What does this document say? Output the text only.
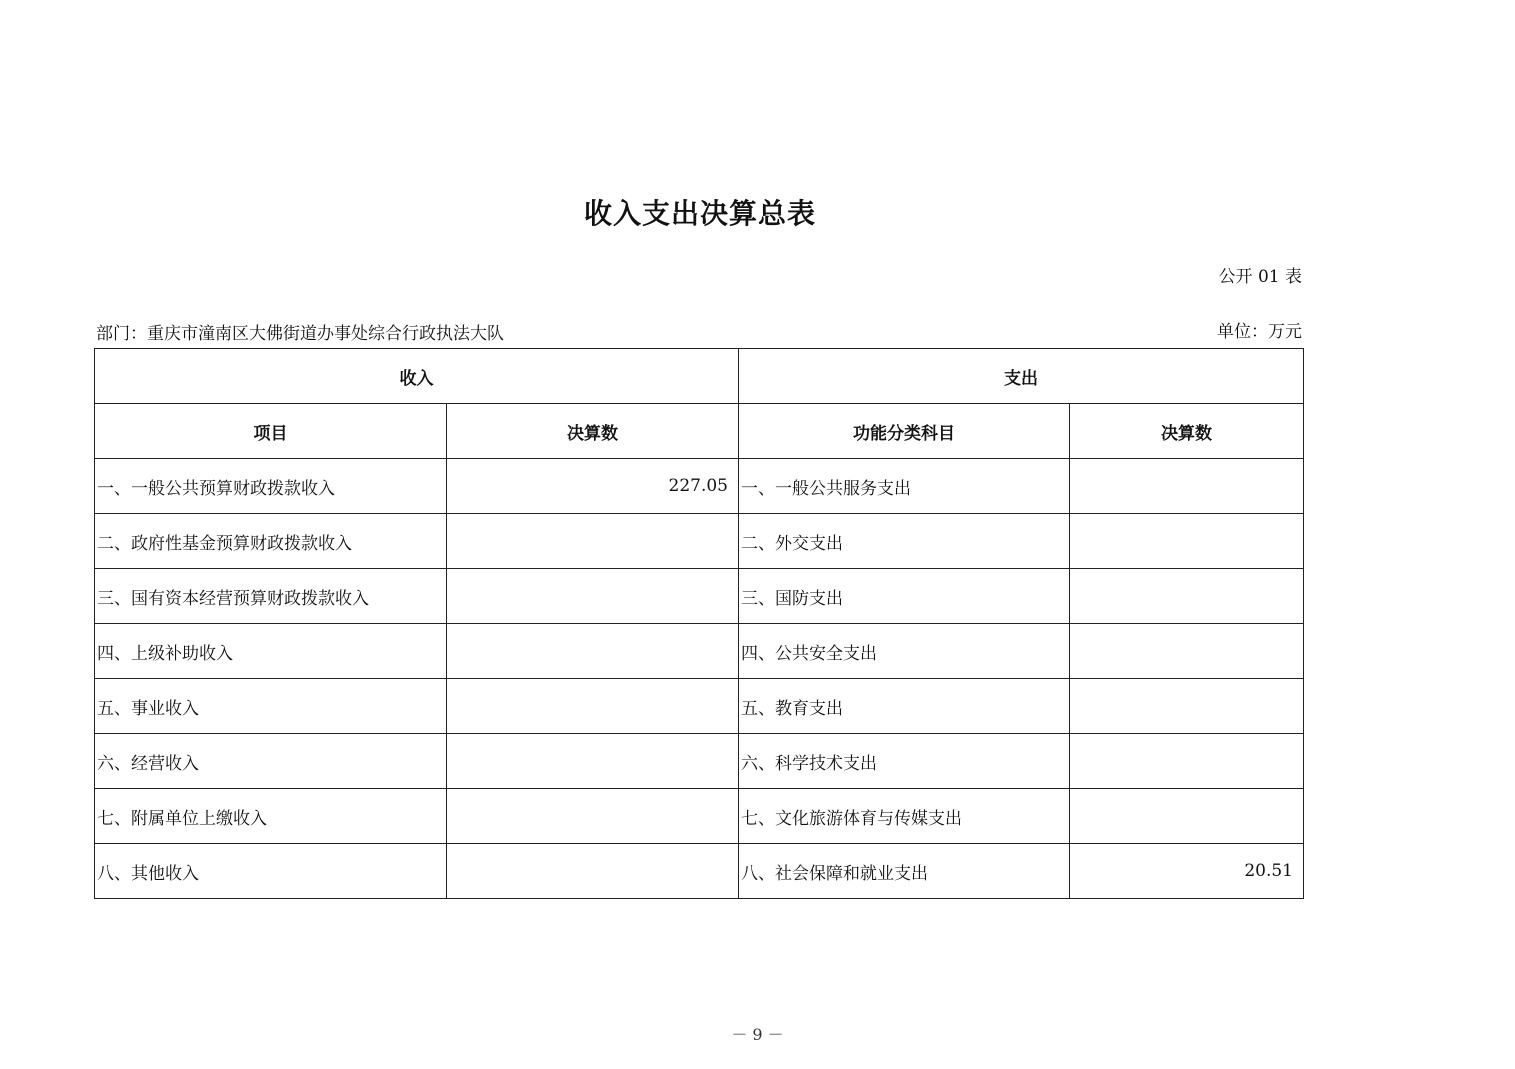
收入支出决算总表
公开 01 表
部门：重庆市潼南区大佛街道办事处综合行政执法大队	单位：万元
收入		支出	
项目	决算数	功能分类科目	决算数
一、一般公共预算财政拨款收入	227.05	一、一般公共服务支出	
二、政府性基金预算财政拨款收入		二、外交支出	
三、国有资本经营预算财政拨款收入		三、国防支出	
四、上级补助收入		四、公共安全支出	
五、事业收入		五、教育支出	
六、经营收入		六、科学技术支出	
七、附属单位上缴收入		七、文化旅游体育与传媒支出	
八、其他收入		八、社会保障和就业支出	20.51
－ 9 －
